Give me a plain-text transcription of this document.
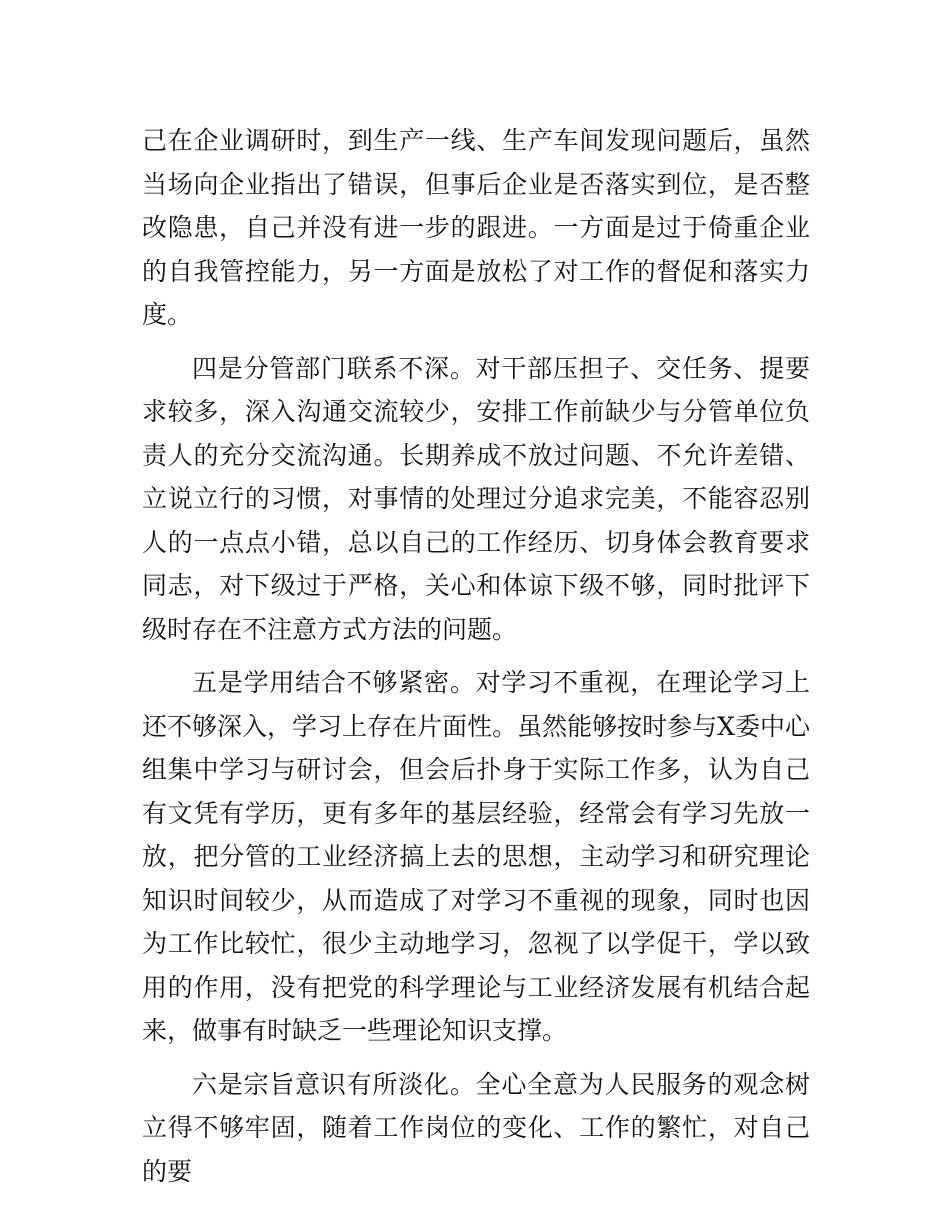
己在企业调研时，到生产一线、生产车间发现问题后，虽然当场向企业指出了错误，但事后企业是否落实到位，是否整改隐患，自己并没有进一步的跟进。一方面是过于倚重企业的自我管控能力，另一方面是放松了对工作的督促和落实力度。

四是分管部门联系不深。对干部压担子、交任务、提要求较多，深入沟通交流较少，安排工作前缺少与分管单位负责人的充分交流沟通。长期养成不放过问题、不允许差错、立说立行的习惯，对事情的处理过分追求完美，不能容忍别人的一点点小错，总以自己的工作经历、切身体会教育要求同志，对下级过于严格，关心和体谅下级不够，同时批评下级时存在不注意方式方法的问题。

五是学用结合不够紧密。对学习不重视，在理论学习上还不够深入，学习上存在片面性。虽然能够按时参与X委中心组集中学习与研讨会，但会后扑身于实际工作多，认为自己有文凭有学历，更有多年的基层经验，经常会有学习先放一放，把分管的工业经济搞上去的思想，主动学习和研究理论知识时间较少，从而造成了对学习不重视的现象，同时也因为工作比较忙，很少主动地学习，忽视了以学促干，学以致用的作用，没有把党的科学理论与工业经济发展有机结合起来，做事有时缺乏一些理论知识支撑。

六是宗旨意识有所淡化。全心全意为人民服务的观念树立得不够牢固，随着工作岗位的变化、工作的繁忙，对自己的要
